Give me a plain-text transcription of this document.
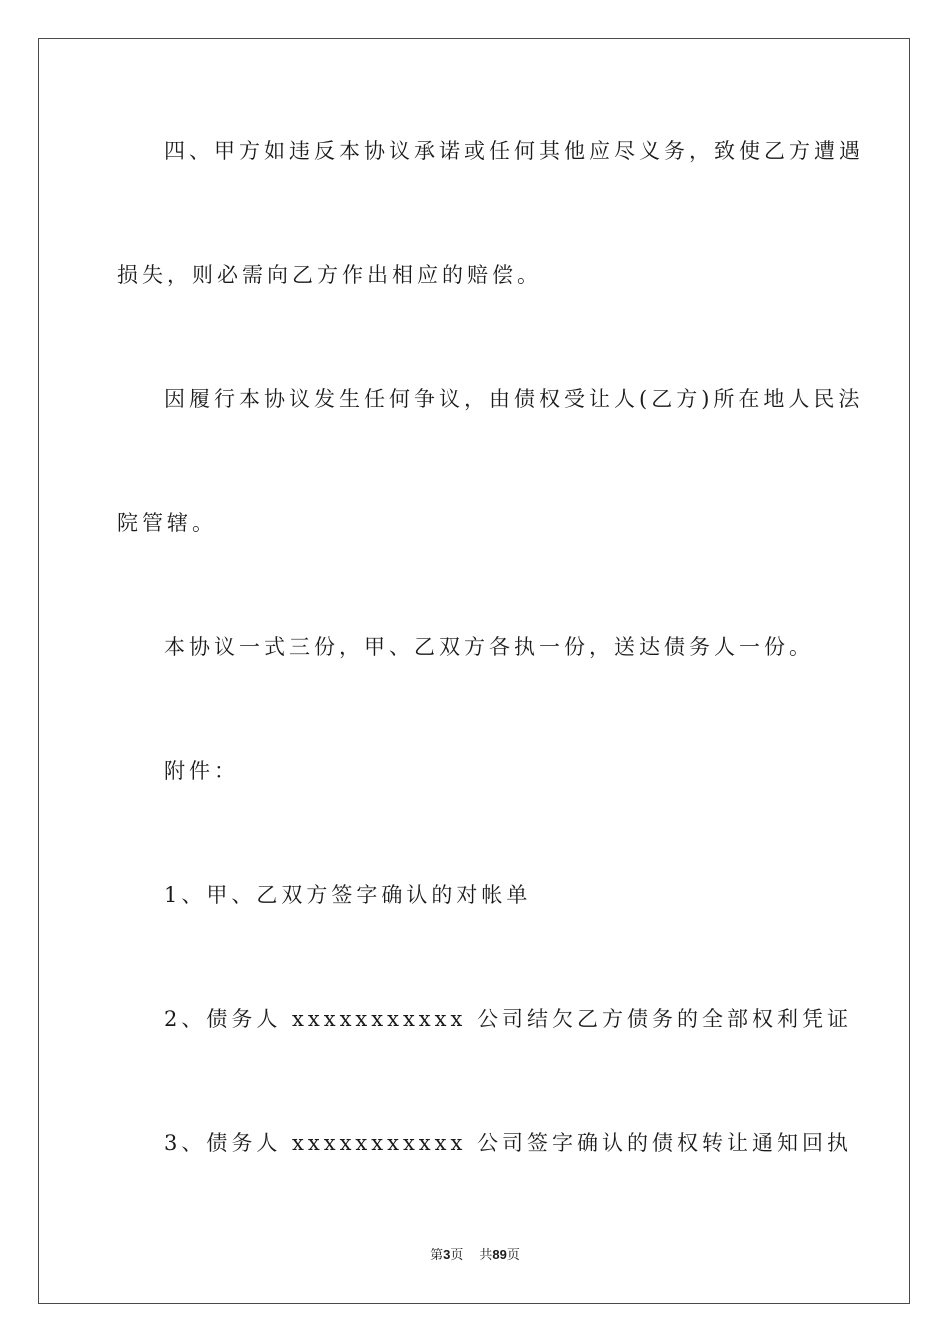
四、甲方如违反本协议承诺或任何其他应尽义务，致使乙方遭遇
损失，则必需向乙方作出相应的赔偿。
因履行本协议发生任何争议，由债权受让人(乙方)所在地人民法
院管辖。
本协议一式三份，甲、乙双方各执一份，送达债务人一份。
附件：
1、甲、乙双方签字确认的对帐单
2、债务人 xxxxxxxxxxx 公司结欠乙方债务的全部权利凭证
3、债务人 xxxxxxxxxxx 公司签字确认的债权转让通知回执
第3页 共89页
